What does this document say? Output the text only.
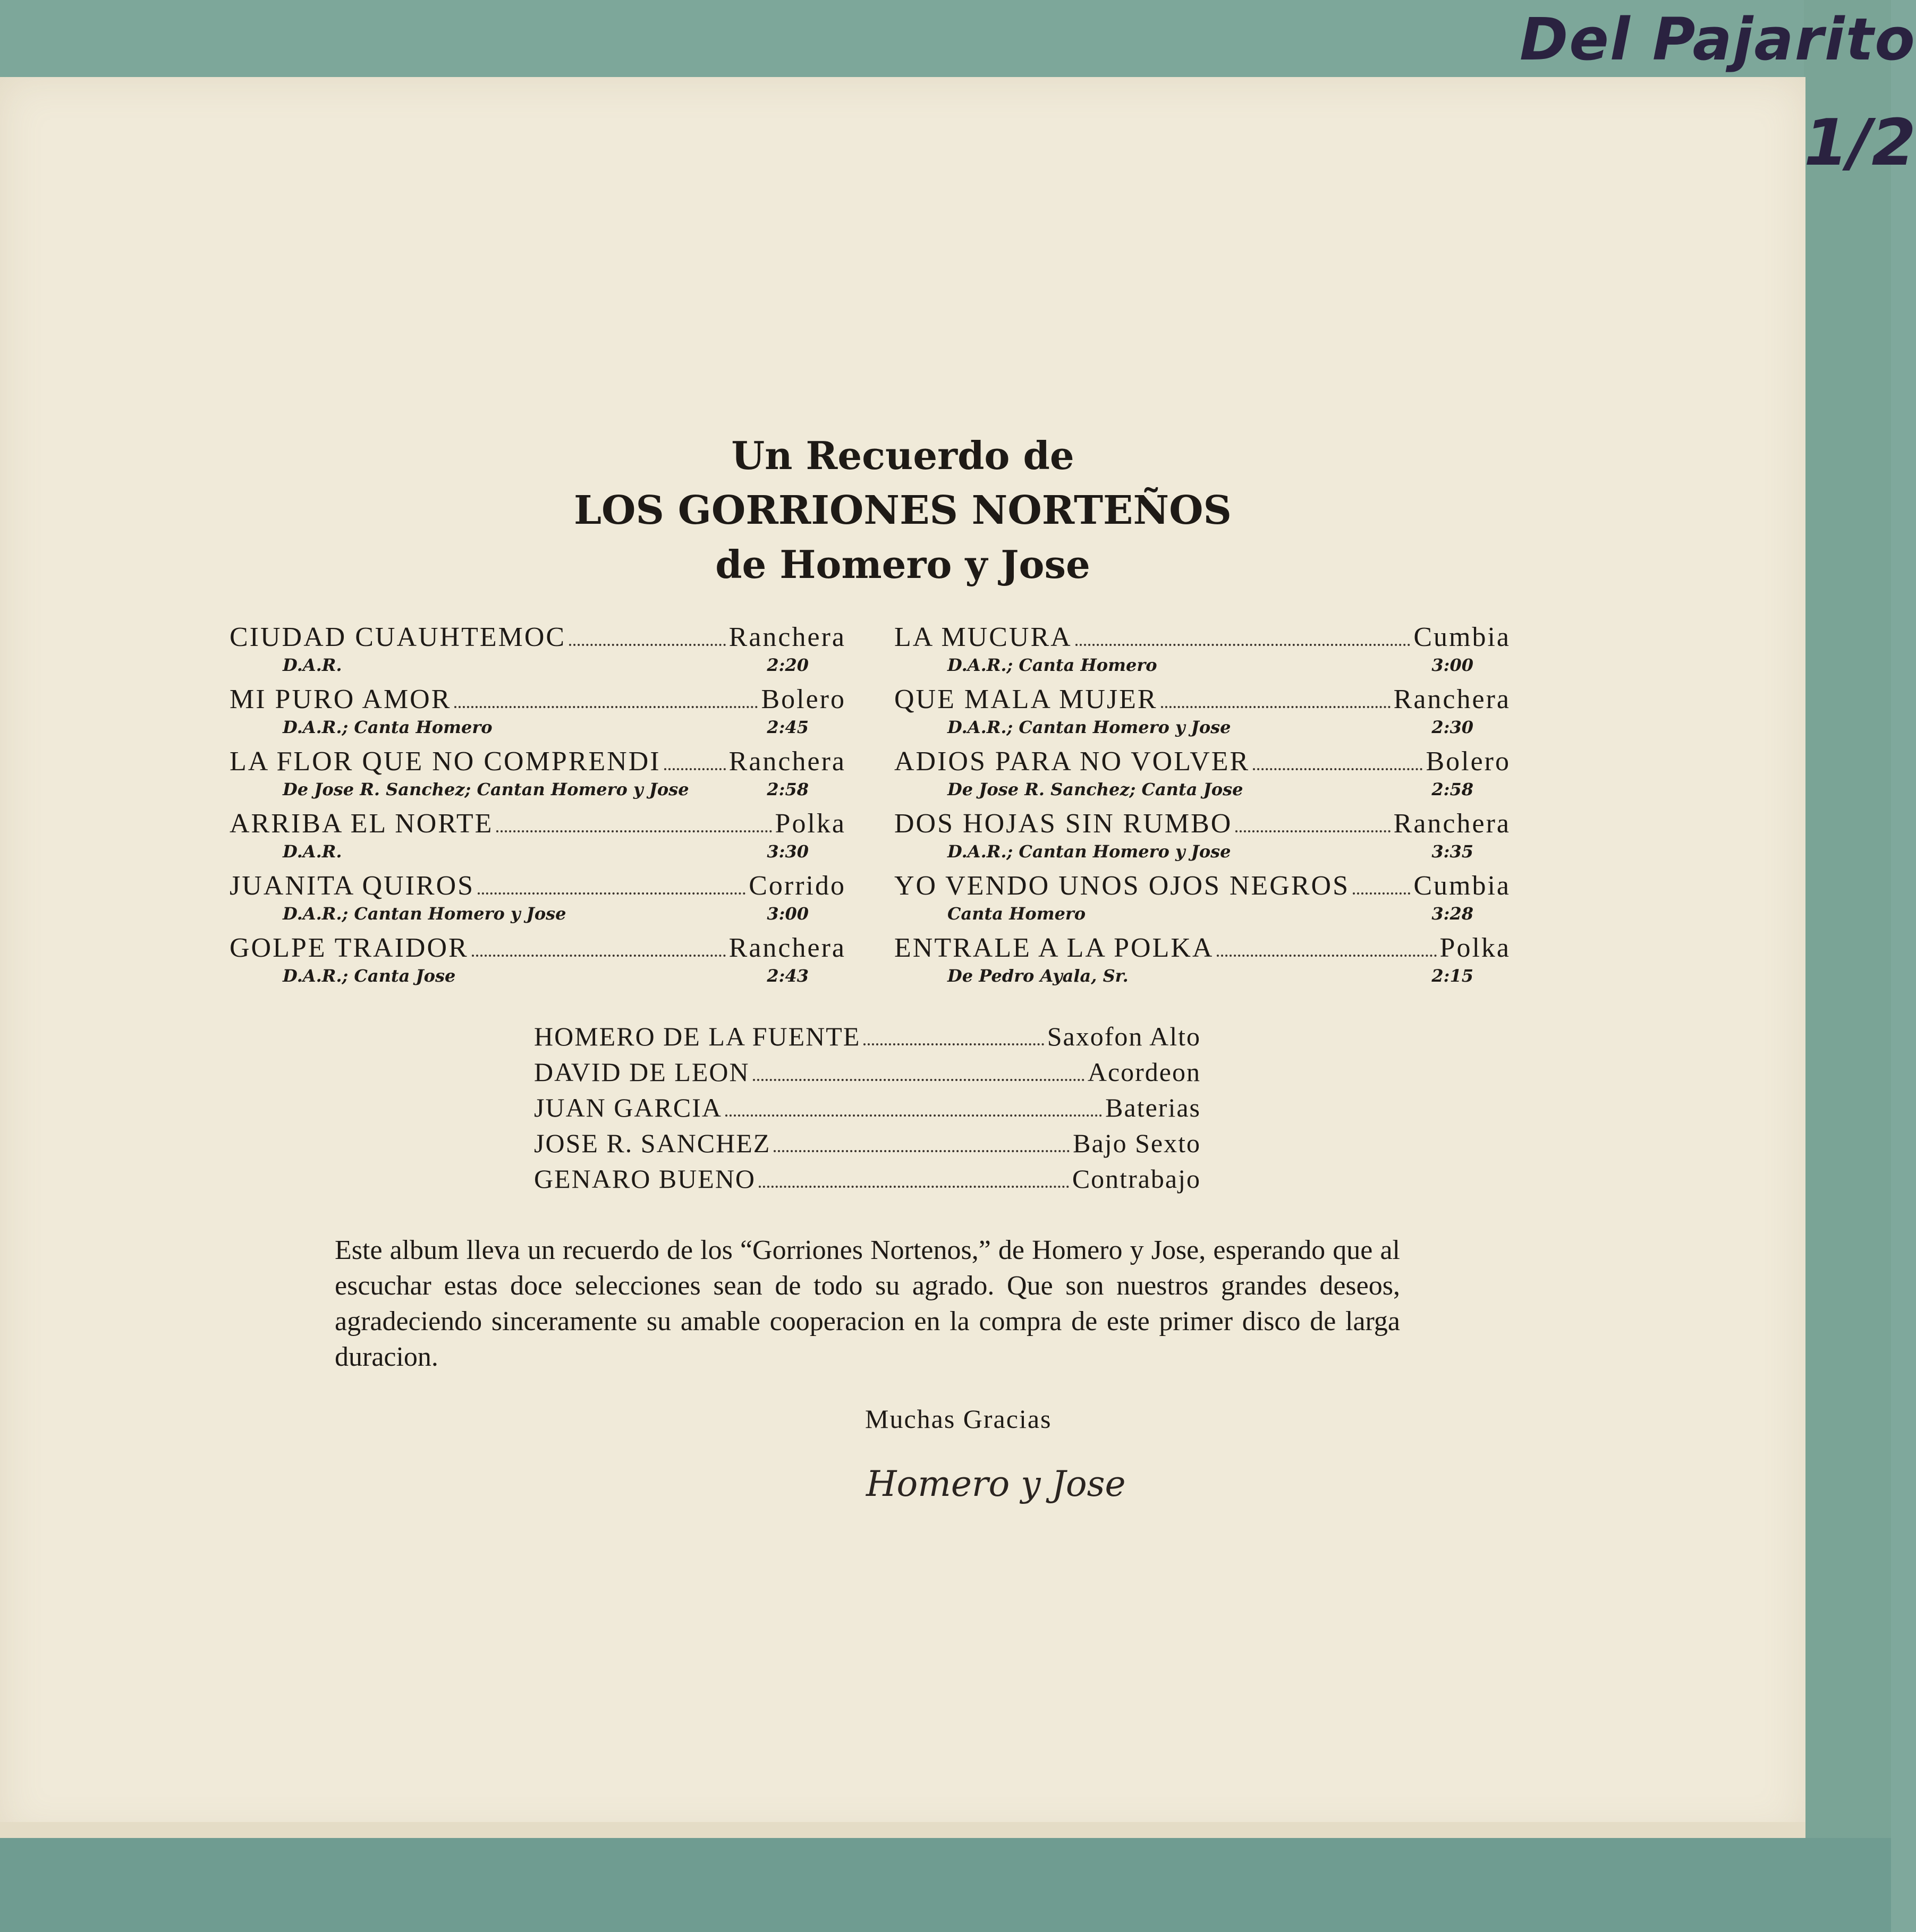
Del Pajarito
1/2
Un Recuerdo de
LOS GORRIONES NORTEÑOS
de Homero y Jose
CIUDAD CUAUHTEMOC	Ranchera
D.A.R.	2:20
MI PURO AMOR	Bolero
D.A.R.; Canta Homero	2:45
LA FLOR QUE NO COMPRENDI Ranchera
De Jose R. Sanchez; Cantan Homero y Jose	2:58
ARRIBA EL NORTE	Polka
D.A.R.	3:30
JUANITA QUIROS	Corrido
D.A.R.; Cantan Homero y Jose	3:00
GOLPE TRAIDOR	Ranchera
D.A.R.; Canta Jose	2:43
LA MUCURA	Cumbia
D.A.R.; Canta Homero	3:00
QUE MALA MUJER	Ranchera
D.A.R.; Cantan Homero y Jose	2:30
ADIOS PARA NO VOLVER	Bolero
De Jose R. Sanchez; Canta Jose	2:58
DOS HOJAS SIN RUMBO	Ranchera
D.A.R.; Cantan Homero y Jose	3:35
YO VENDO UNOS OJOS NEGROS Cumbia
Canta Homero	3:28
ENTRALE A LA POLKA	Polka
De Pedro Ayala, Sr.	2:15
HOMERO DE LA FUENTE	Saxofon Alto
DAVID DE LEON	Acordeon
JUAN GARCIA	Baterias
JOSE R. SANCHEZ	Bajo Sexto
GENARO BUENO	Contrabajo
Este album lleva un recuerdo de los “Gorriones Nortenos,” de Homero y Jose, esperando que al escuchar estas doce selecciones sean de todo su agrado. Que son nuestros grandes deseos, agradeciendo sinceramente su amable cooperacion en la compra de este primer disco de larga duracion.
Muchas Gracias
Homero y Jose
